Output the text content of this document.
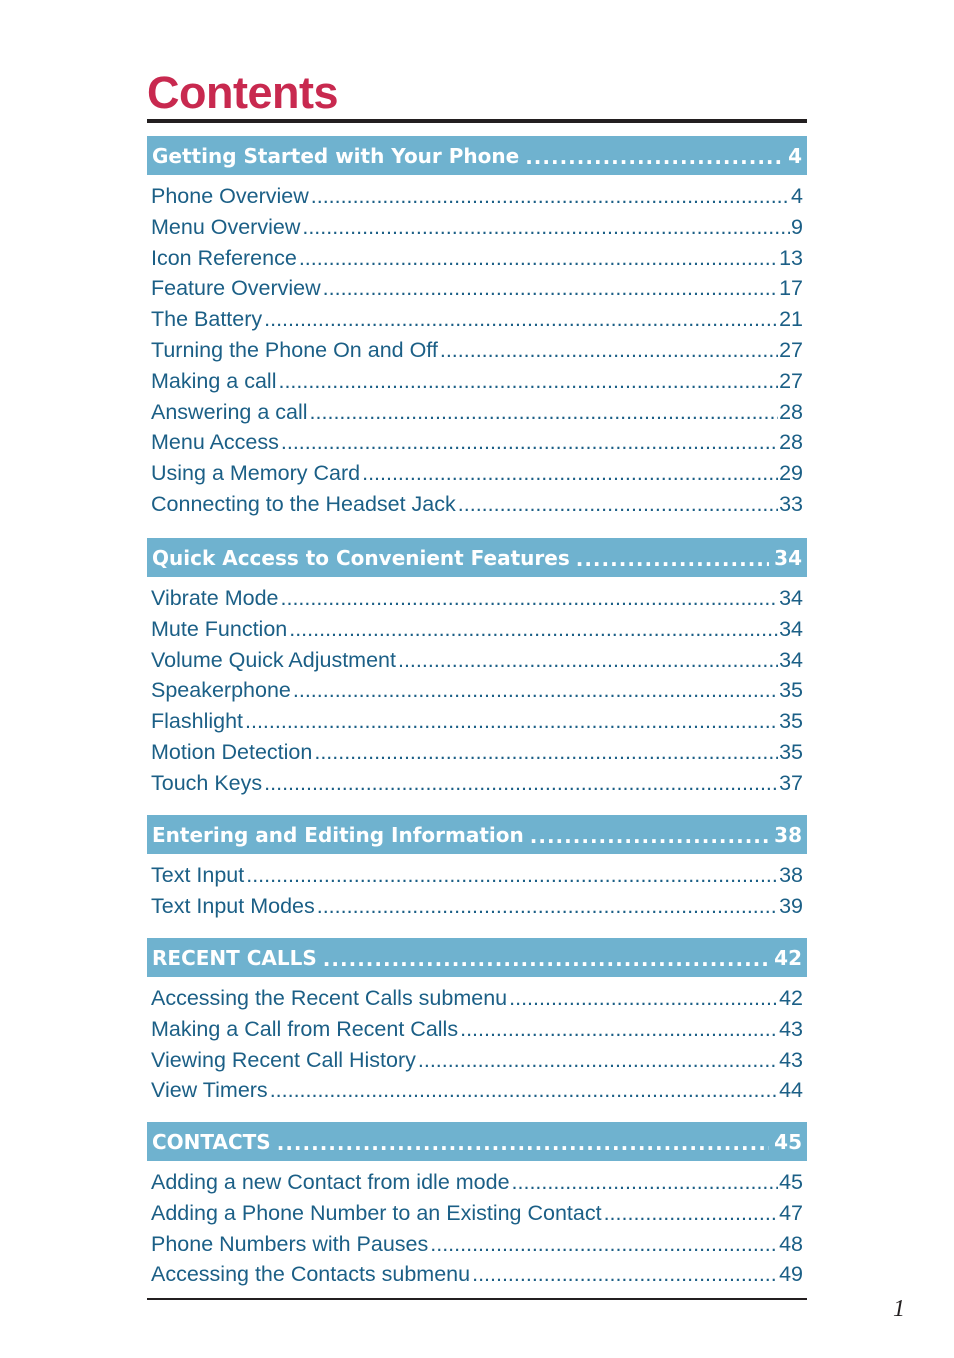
Contents
Getting Started with Your Phone .....	4
Phone Overview .....	4
Menu Overview .....	9
Icon Reference .....	13
Feature Overview .....	17
The Battery .....	21
Turning the Phone On and Off .....	27
Making a call .....	27
Answering a call .....	28
Menu Access .....	28
Using a Memory Card .....	29
Connecting to the Headset Jack .....	33
Quick Access to Convenient Features .....	34
Vibrate Mode .....	34
Mute Function .....	34
Volume Quick Adjustment .....	34
Speakerphone .....	35
Flashlight .....	35
Motion Detection .....	35
Touch Keys .....	37
Entering and Editing Information .....	38
Text Input .....	38
Text Input Modes .....	39
RECENT CALLS .....	42
Accessing the Recent Calls submenu .....	42
Making a Call from Recent Calls .....	43
Viewing Recent Call History .....	43
View Timers .....	44
CONTACTS .....	45
Adding a new Contact from idle mode .....	45
Adding a Phone Number to an Existing Contact .....	47
Phone Numbers with Pauses .....	48
Accessing the Contacts submenu .....	49
1
